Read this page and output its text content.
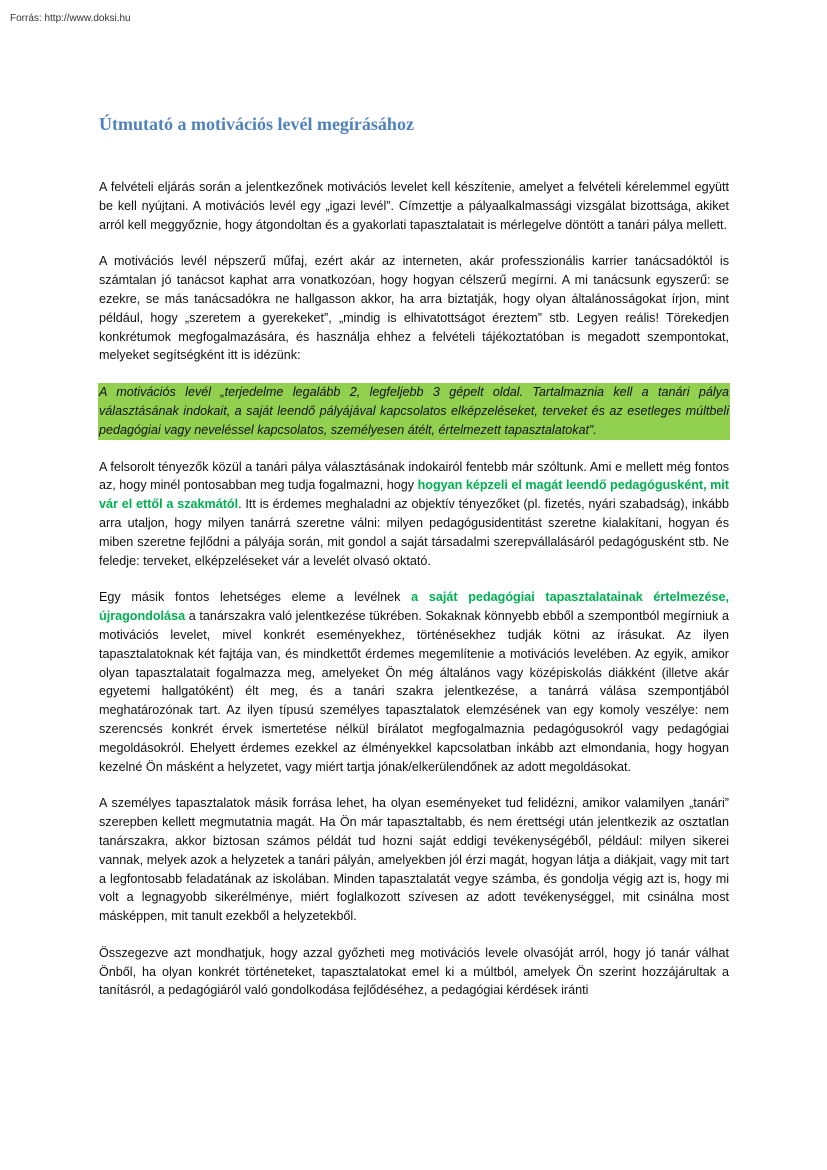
Forrás: http://www.doksi.hu

Útmutató a motivációs levél megírásához

A felvételi eljárás során a jelentkezőnek motivációs levelet kell készítenie, amelyet a felvételi kérelemmel együtt be kell nyújtani. A motivációs levél egy „igazi levél”. Címzettje a pályaalkalmassági vizsgálat bizottsága, akiket arról kell meggyőznie, hogy átgondoltan és a gyakorlati tapasztalatait is mérlegelve döntött a tanári pálya mellett.

A motivációs levél népszerű műfaj, ezért akár az interneten, akár professzionális karrier tanácsadóktól is számtalan jó tanácsot kaphat arra vonatkozóan, hogy hogyan célszerű megírni. A mi tanácsunk egyszerű: se ezekre, se más tanácsadókra ne hallgasson akkor, ha arra biztatják, hogy olyan általánosságokat írjon, mint például, hogy „szeretem a gyerekeket”, „mindig is elhivatottságot éreztem” stb. Legyen reális! Törekedjen konkrétumok megfogalmazására, és használja ehhez a felvételi tájékoztatóban is megadott szempontokat, melyeket segítségként itt is idézünk:

A motivációs levél „terjedelme legalább 2, legfeljebb 3 gépelt oldal. Tartalmaznia kell a tanári pálya választásának indokait, a saját leendő pályájával kapcsolatos elképzeléseket, terveket és az esetleges múltbeli pedagógiai vagy neveléssel kapcsolatos, személyesen átélt, értelmezett tapasztalatokat”.

A felsorolt tényezők közül a tanári pálya választásának indokairól fentebb már szóltunk. Ami e mellett még fontos az, hogy minél pontosabban meg tudja fogalmazni, hogy hogyan képzeli el magát leendő pedagógusként, mit vár el ettől a szakmától. Itt is érdemes meghaladni az objektív tényezőket (pl. fizetés, nyári szabadság), inkább arra utaljon, hogy milyen tanárrá szeretne válni: milyen pedagógusidentitást szeretne kialakítani, hogyan és miben szeretne fejlődni a pályája során, mit gondol a saját társadalmi szerepvállalásáról pedagógusként stb. Ne feledje: terveket, elképzeléseket vár a levelét olvasó oktató.

Egy másik fontos lehetséges eleme a levélnek a saját pedagógiai tapasztalatainak értelmezése, újragondolása a tanárszakra való jelentkezése tükrében. Sokaknak könnyebb ebből a szempontból megírniuk a motivációs levelet, mivel konkrét eseményekhez, történésekhez tudják kötni az írásukat. Az ilyen tapasztalatoknak két fajtája van, és mindkettőt érdemes megemlítenie a motivációs levelében. Az egyik, amikor olyan tapasztalatait fogalmazza meg, amelyeket Ön még általános vagy középiskolás diákként (illetve akár egyetemi hallgatóként) élt meg, és a tanári szakra jelentkezése, a tanárrá válása szempontjából meghatározónak tart. Az ilyen típusú személyes tapasztalatok elemzésének van egy komoly veszélye: nem szerencsés konkrét érvek ismertetése nélkül bírálatot megfogalmaznia pedagógusokról vagy pedagógiai megoldásokról. Ehelyett érdemes ezekkel az élményekkel kapcsolatban inkább azt elmondania, hogy hogyan kezelné Ön másként a helyzetet, vagy miért tartja jónak/elkerülendőnek az adott megoldásokat.

A személyes tapasztalatok másik forrása lehet, ha olyan eseményeket tud felidézni, amikor valamilyen „tanári” szerepben kellett megmutatnia magát. Ha Ön már tapasztaltabb, és nem érettségi után jelentkezik az osztatlan tanárszakra, akkor biztosan számos példát tud hozni saját eddigi tevékenységéből, például: milyen sikerei vannak, melyek azok a helyzetek a tanári pályán, amelyekben jól érzi magát, hogyan látja a diákjait, vagy mit tart a legfontosabb feladatának az iskolában. Minden tapasztalatát vegye számba, és gondolja végig azt is, hogy mi volt a legnagyobb sikerélménye, miért foglalkozott szívesen az adott tevékenységgel, mit csinálna most másképpen, mit tanult ezekből a helyzetekből.

Összegezve azt mondhatjuk, hogy azzal győzheti meg motivációs levele olvasóját arról, hogy jó tanár válhat Önből, ha olyan konkrét történeteket, tapasztalatokat emel ki a múltból, amelyek Ön szerint hozzájárultak a tanításról, a pedagógiáról való gondolkodása fejlődéséhez, a pedagógiai kérdések iránti
